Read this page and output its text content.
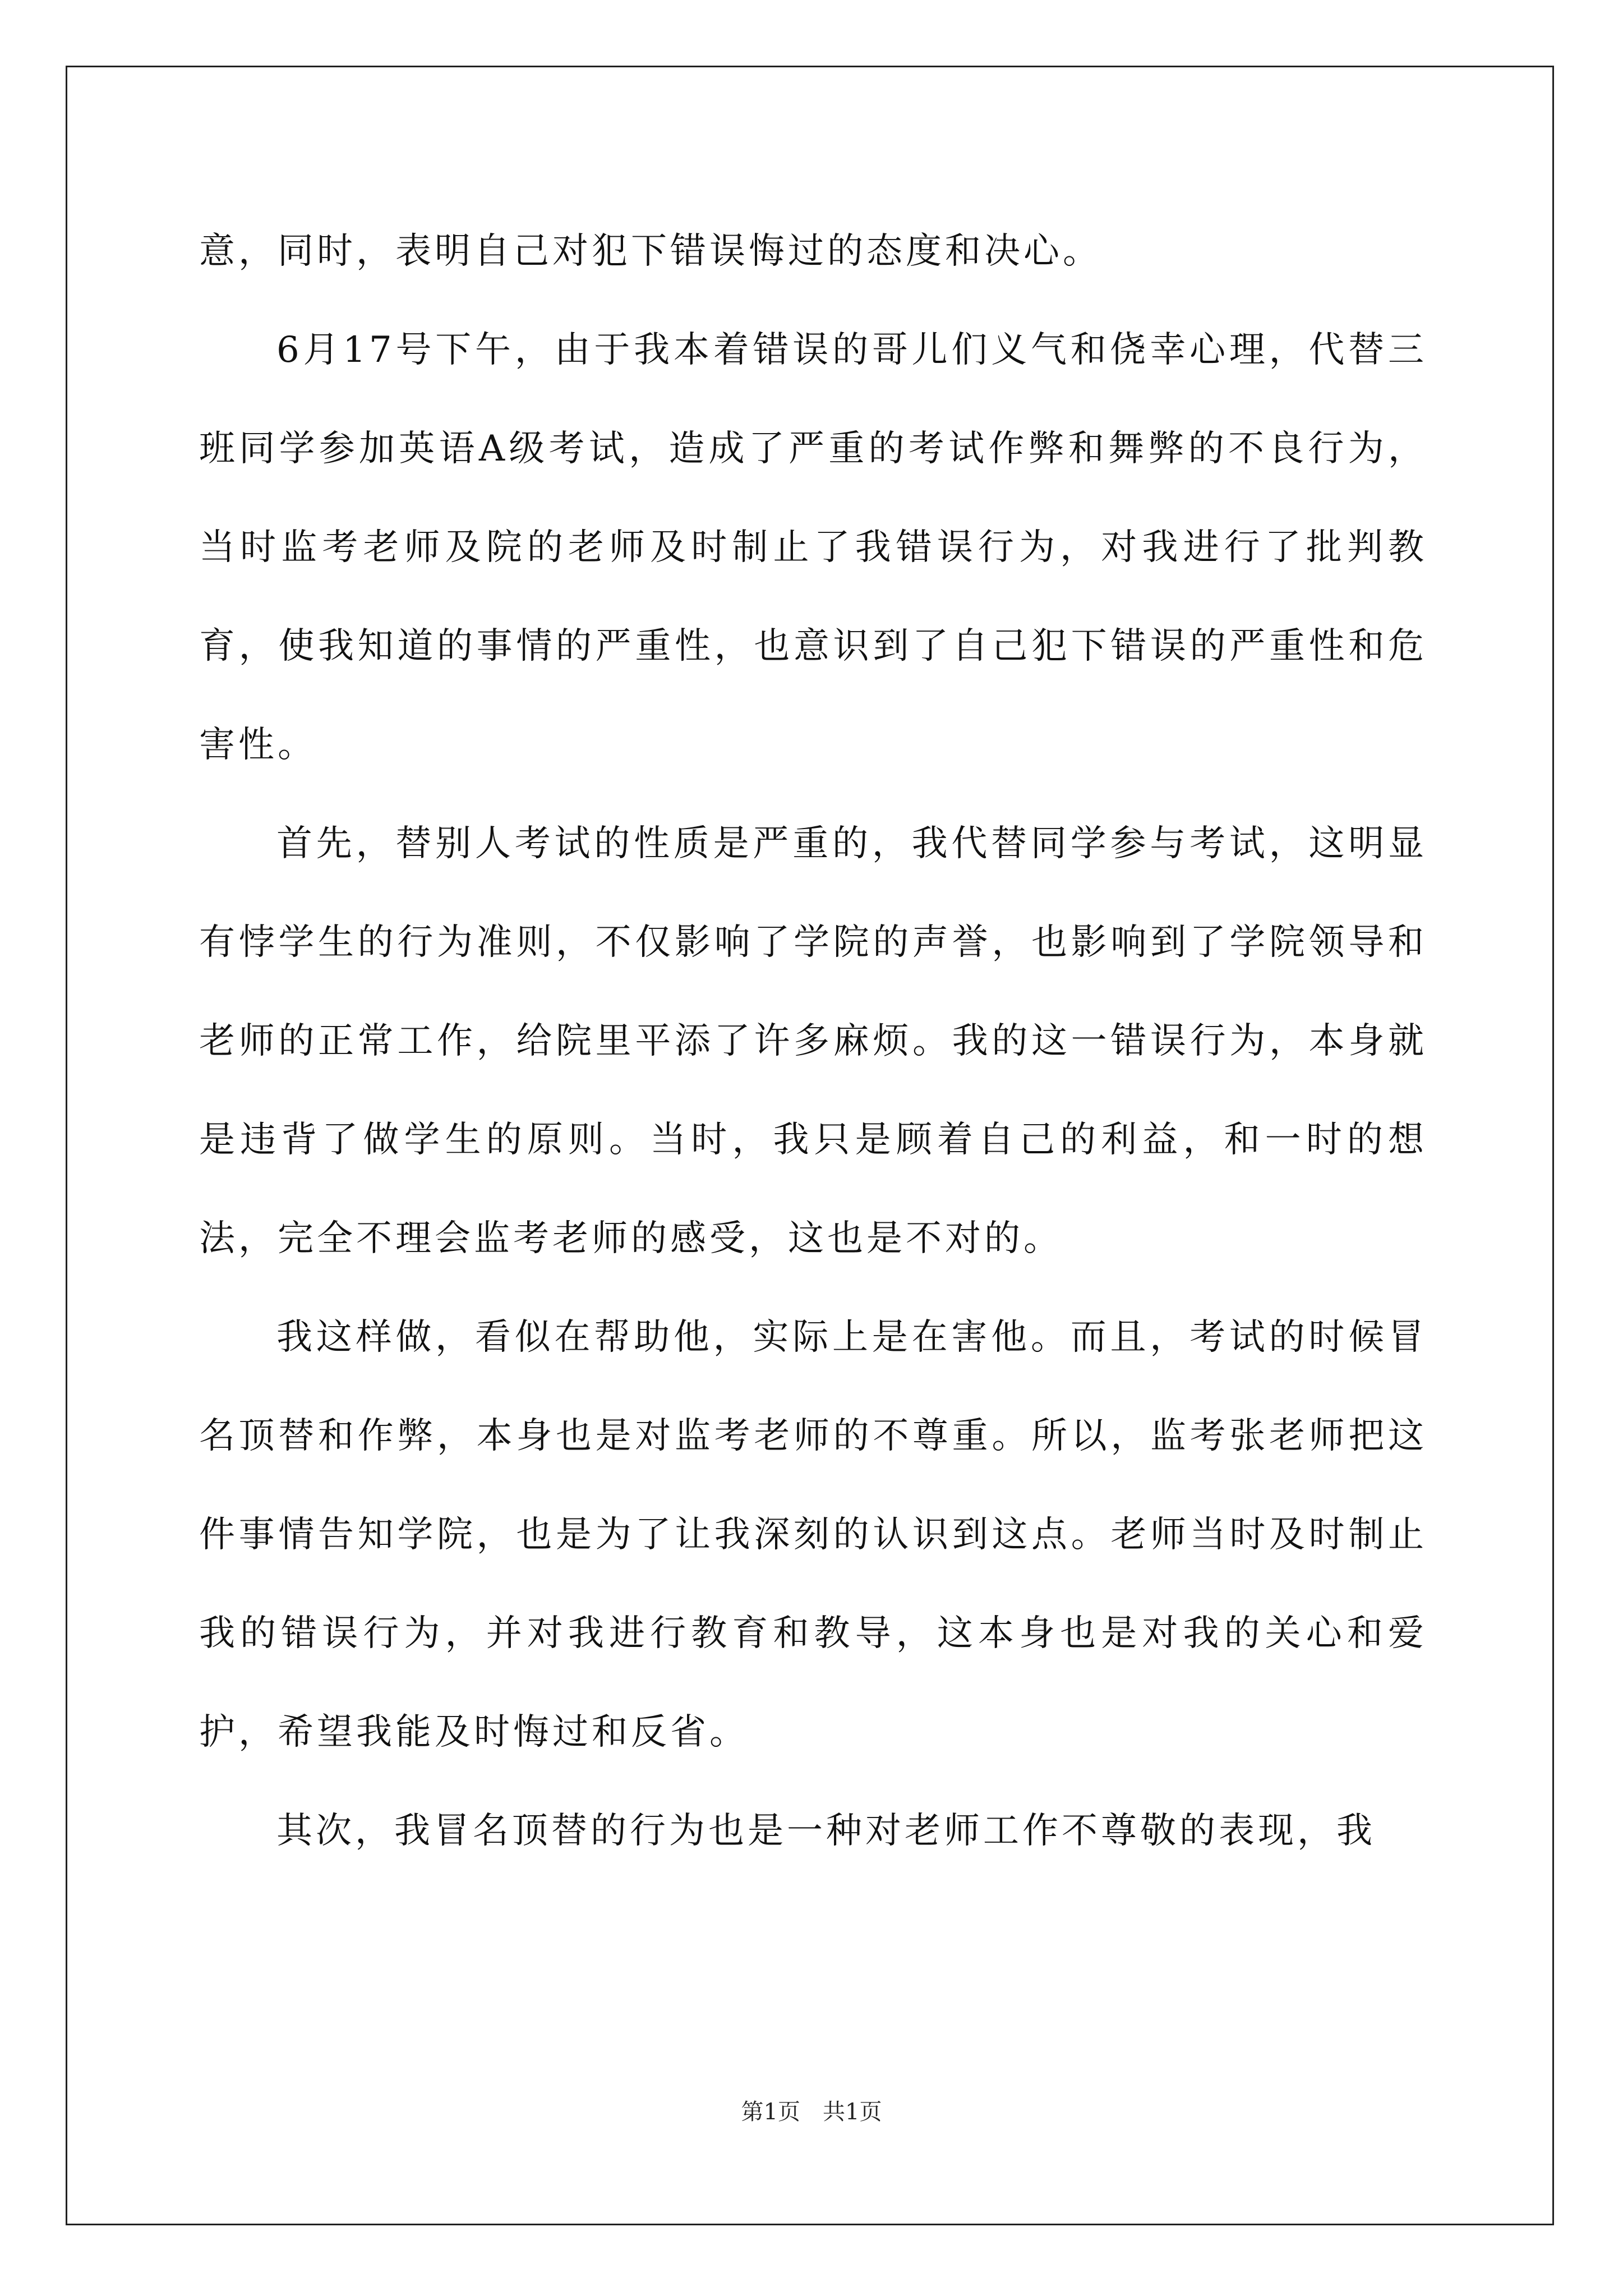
意，同时，表明自己对犯下错误悔过的态度和决心。

6月17号下午，由于我本着错误的哥儿们义气和侥幸心理，代替三班同学参加英语A级考试，造成了严重的考试作弊和舞弊的不良行为，当时监考老师及院的老师及时制止了我错误行为，对我进行了批判教育，使我知道的事情的严重性，也意识到了自己犯下错误的严重性和危害性。

首先，替别人考试的性质是严重的，我代替同学参与考试，这明显有悖学生的行为准则，不仅影响了学院的声誉，也影响到了学院领导和老师的正常工作，给院里平添了许多麻烦。我的这一错误行为，本身就是违背了做学生的原则。当时，我只是顾着自己的利益，和一时的想法，完全不理会监考老师的感受，这也是不对的。

我这样做，看似在帮助他，实际上是在害他。而且，考试的时候冒名顶替和作弊，本身也是对监考老师的不尊重。所以，监考张老师把这件事情告知学院，也是为了让我深刻的认识到这点。老师当时及时制止我的错误行为，并对我进行教育和教导，这本身也是对我的关心和爱护，希望我能及时悔过和反省。

其次，我冒名顶替的行为也是一种对老师工作不尊敬的表现，我

第1页　共1页
